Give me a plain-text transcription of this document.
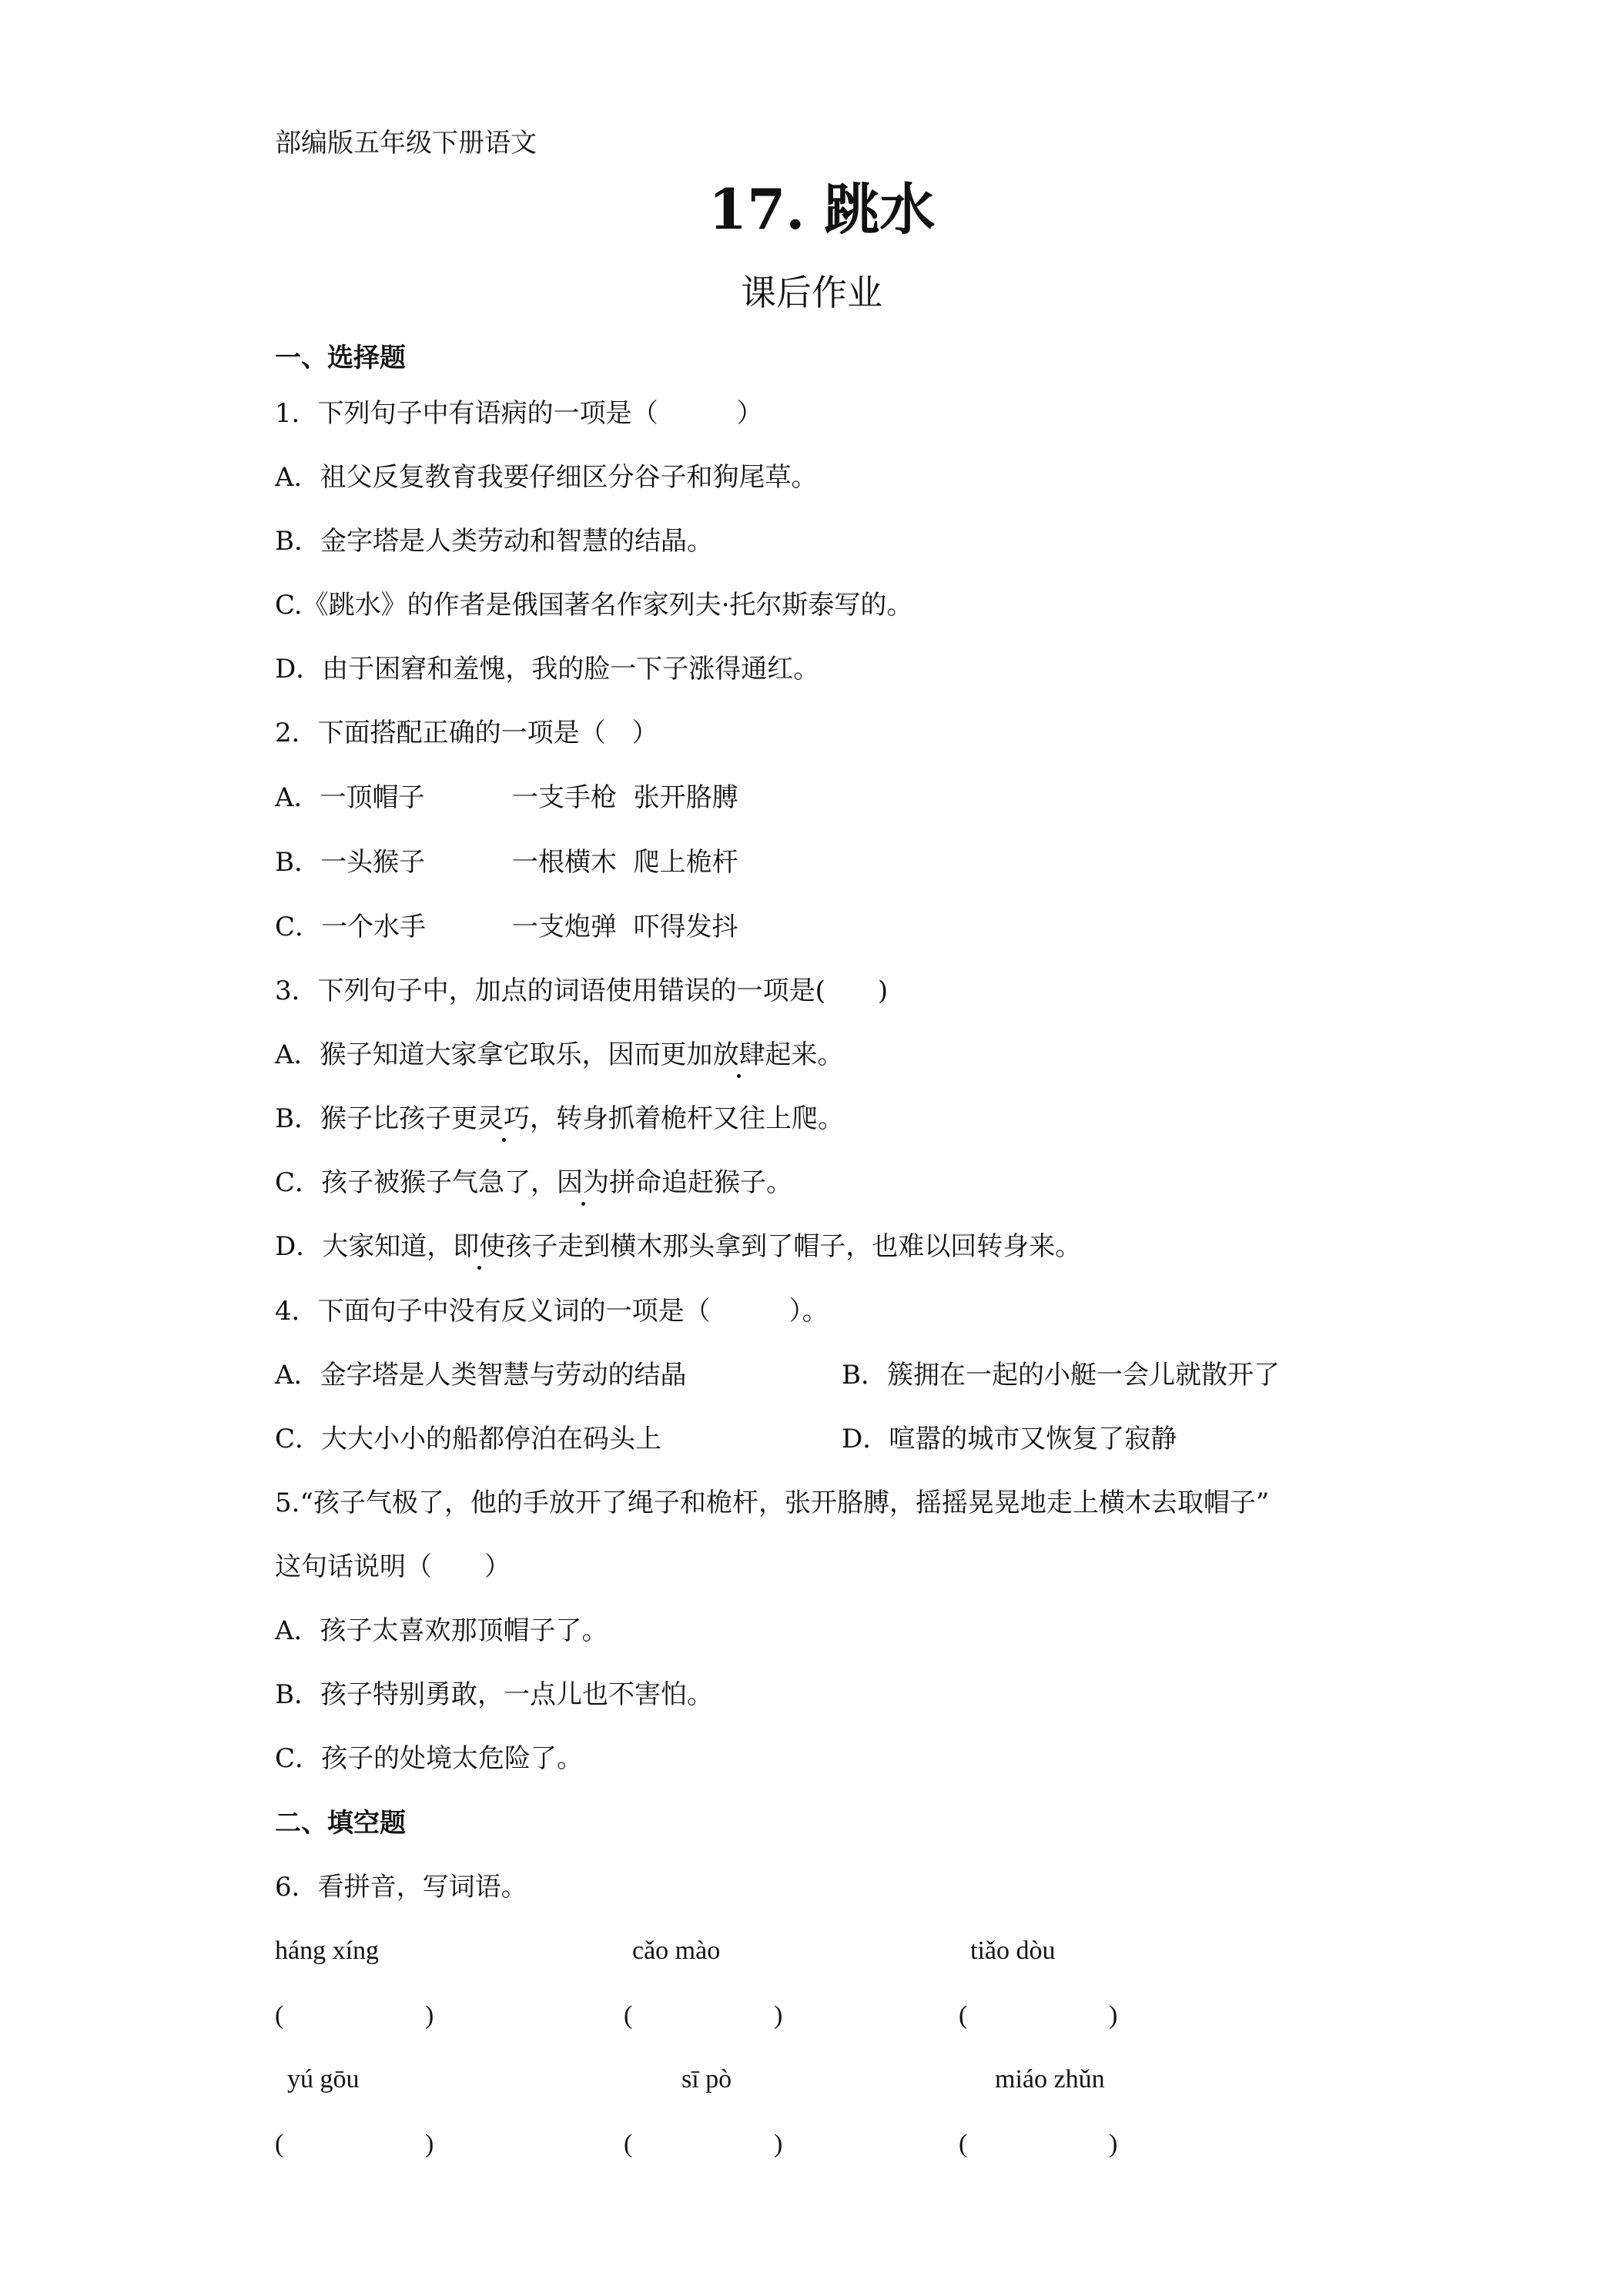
部编版五年级下册语文
17. 跳水
课后作业
一、选择题
1．下列句子中有语病的一项是（　　　）
A．祖父反复教育我要仔细区分谷子和狗尾草。
B．金字塔是人类劳动和智慧的结晶。
C.《跳水》的作者是俄国著名作家列夫·托尔斯泰写的。
D．由于困窘和羞愧，我的脸一下子涨得通红。
2．下面搭配正确的一项是（　）
A．一顶帽子	一支手枪  张开胳膊
B．一头猴子	一根横木  爬上桅杆
C．一个水手	一支炮弹  吓得发抖
3．下列句子中，加点的词语使用错误的一项是(　　)
A．猴子知道大家拿它取乐，因而更加放肆起来。
B．猴子比孩子更灵巧，转身抓着桅杆又往上爬。
C．孩子被猴子气急了，因为拼命追赶猴子。
D．大家知道，即使孩子走到横木那头拿到了帽子，也难以回转身来。
4．下面句子中没有反义词的一项是（　　　）。
A．金字塔是人类智慧与劳动的结晶	B．簇拥在一起的小艇一会儿就散开了
C．大大小小的船都停泊在码头上	D．喧嚣的城市又恢复了寂静
5.“孩子气极了，他的手放开了绳子和桅杆，张开胳膊，摇摇晃晃地走上横木去取帽子”
这句话说明（　　）
A．孩子太喜欢那顶帽子了。
B．孩子特别勇敢，一点儿也不害怕。
C．孩子的处境太危险了。
二、填空题
6．看拼音，写词语。
háng xíng	cǎo mào	tiǎo dòu
(	)	(	)	(	)
yú gōu	sī pò	miáo zhǔn
(	)	(	)	(	)
